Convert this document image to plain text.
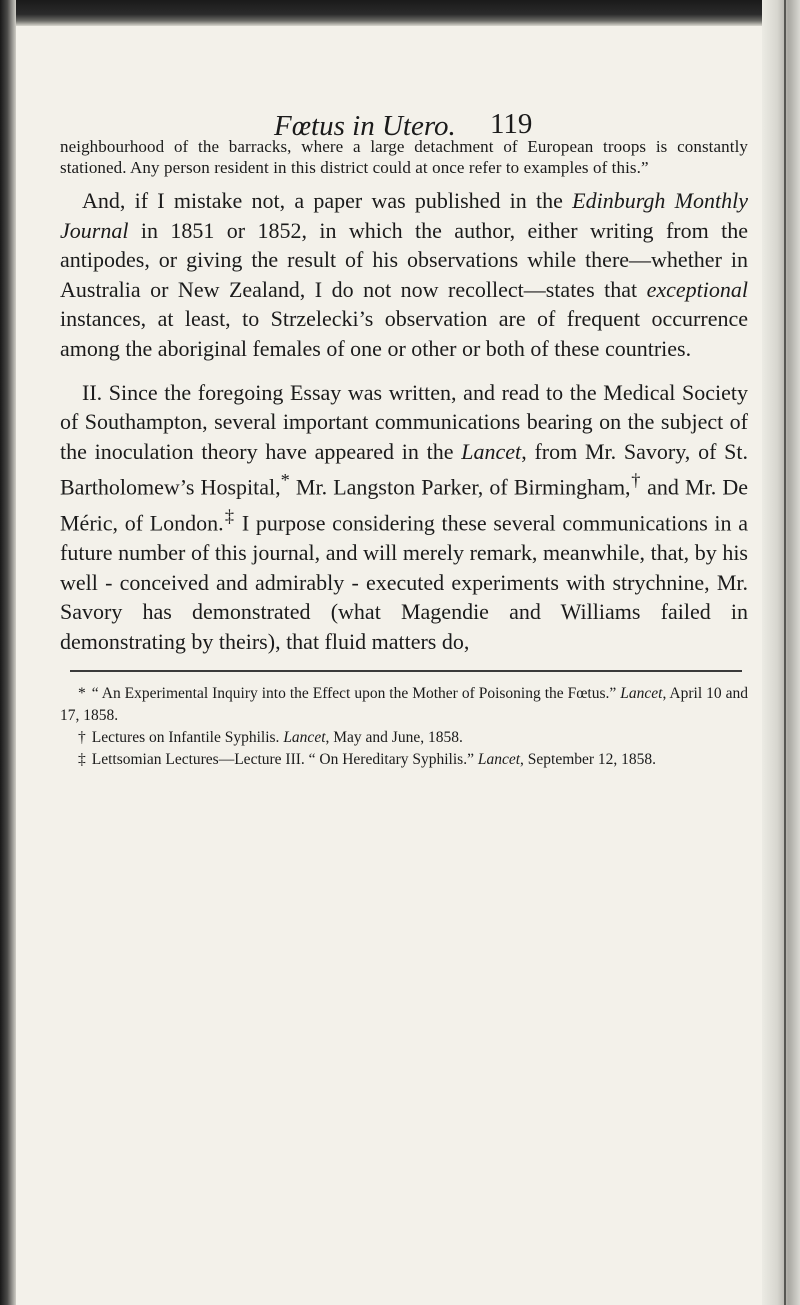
Fœtus in Utero. 119

neighbourhood of the barracks, where a large detachment of European troops is constantly stationed. Any person resident in this district could at once refer to examples of this.”

And, if I mistake not, a paper was published in the Edinburgh Monthly Journal in 1851 or 1852, in which the author, either writing from the antipodes, or giving the result of his observations while there—whether in Australia or New Zealand, I do not now recollect—states that exceptional instances, at least, to Strzelecki’s observation are of frequent occurrence among the aboriginal females of one or other or both of these countries.

II. Since the foregoing Essay was written, and read to the Medical Society of Southampton, several important communications bearing on the subject of the inoculation theory have appeared in the Lancet, from Mr. Savory, of St. Bartholomew’s Hospital,* Mr. Langston Parker, of Birmingham,† and Mr. De Méric, of London.‡ I purpose considering these several communications in a future number of this journal, and will merely remark, meanwhile, that, by his well - conceived and admirably - executed experiments with strychnine, Mr. Savory has demonstrated (what Magendie and Williams failed in demonstrating by theirs), that fluid matters do,

* “ An Experimental Inquiry into the Effect upon the Mother of Poisoning the Fœtus.” Lancet, April 10 and 17, 1858.

† Lectures on Infantile Syphilis. Lancet, May and June, 1858.

‡ Lettsomian Lectures—Lecture III. “ On Hereditary Syphilis.” Lancet, September 12, 1858.
